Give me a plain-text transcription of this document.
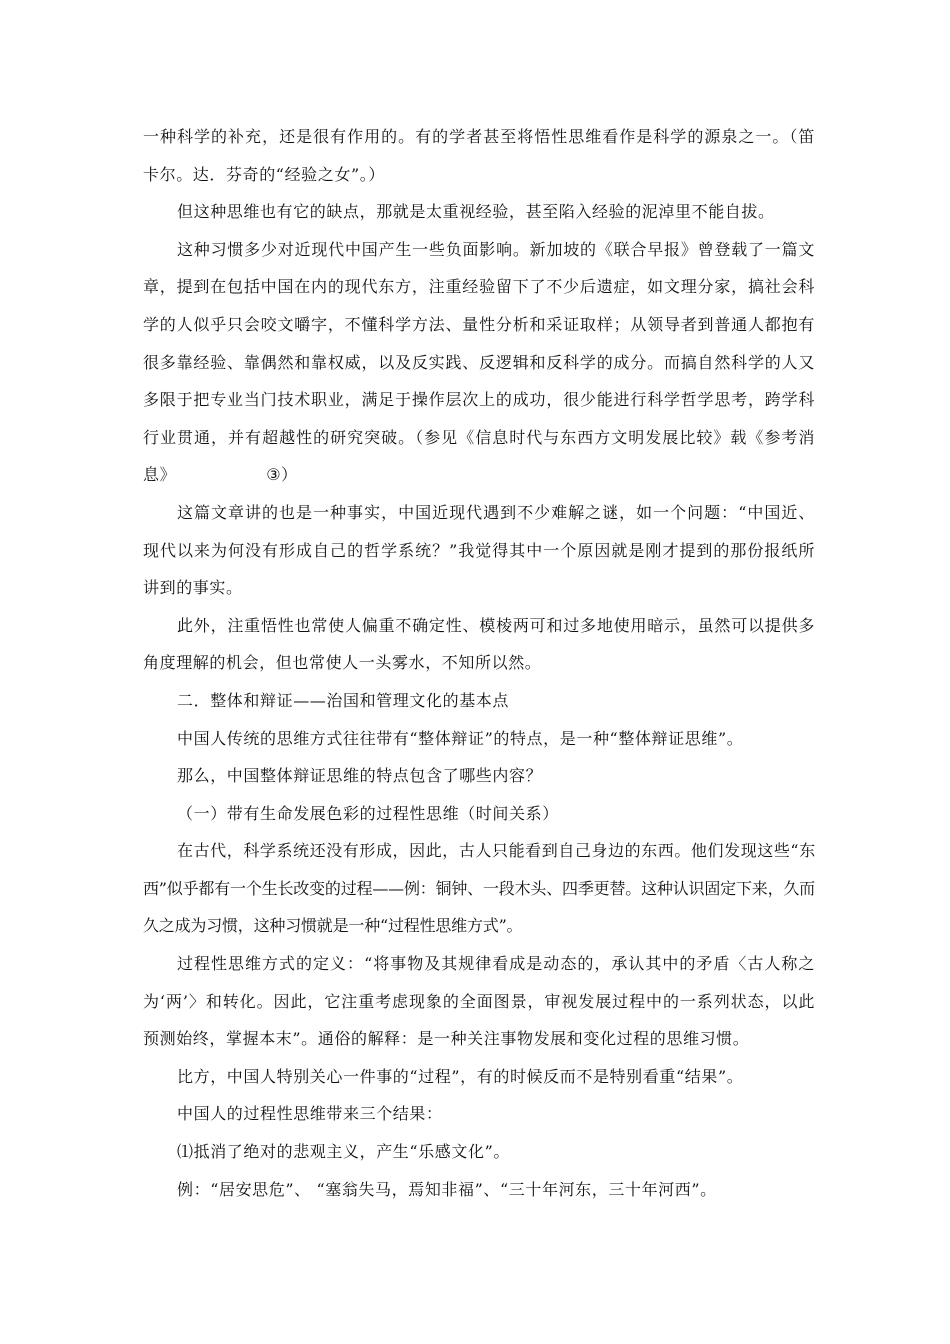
一种科学的补充，还是很有作用的。有的学者甚至将悟性思维看作是科学的源泉之一。（笛卡尔。达．芬奇的“经验之女”。）

但这种思维也有它的缺点，那就是太重视经验，甚至陷入经验的泥淖里不能自拔。

这种习惯多少对近现代中国产生一些负面影响。新加坡的《联合早报》曾登载了一篇文章，提到在包括中国在内的现代东方，注重经验留下了不少后遗症，如文理分家，搞社会科学的人似乎只会咬文嚼字，不懂科学方法、量性分析和采证取样；从领导者到普通人都抱有很多靠经验、靠偶然和靠权威，以及反实践、反逻辑和反科学的成分。而搞自然科学的人又多限于把专业当门技术职业，满足于操作层次上的成功，很少能进行科学哲学思考，跨学科行业贯通，并有超越性的研究突破。（参见《信息时代与东西方文明发展比较》载《参考消息》	③）

这篇文章讲的也是一种事实，中国近现代遇到不少难解之谜，如一个问题：“中国近、现代以来为何没有形成自己的哲学系统？”我觉得其中一个原因就是刚才提到的那份报纸所讲到的事实。

此外，注重悟性也常使人偏重不确定性、模棱两可和过多地使用暗示，虽然可以提供多角度理解的机会，但也常使人一头雾水，不知所以然。

二．整体和辩证——治国和管理文化的基本点

中国人传统的思维方式往往带有“整体辩证”的特点，是一种“整体辩证思维”。

那么，中国整体辩证思维的特点包含了哪些内容？

（一）带有生命发展色彩的过程性思维（时间关系）

在古代，科学系统还没有形成，因此，古人只能看到自己身边的东西。他们发现这些“东西”似乎都有一个生长改变的过程——例：铜钟、一段木头、四季更替。这种认识固定下来，久而久之成为习惯，这种习惯就是一种“过程性思维方式”。

过程性思维方式的定义：“将事物及其规律看成是动态的，承认其中的矛盾〈古人称之为‘两’〉和转化。因此，它注重考虑现象的全面图景，审视发展过程中的一系列状态，以此预测始终，掌握本末”。通俗的解释：是一种关注事物发展和变化过程的思维习惯。

比方，中国人特别关心一件事的“过程”，有的时候反而不是特别看重“结果”。

中国人的过程性思维带来三个结果：

⑴抵消了绝对的悲观主义，产生“乐感文化”。

例：“居安思危”、 “塞翁失马，焉知非福”、“三十年河东，三十年河西”。
